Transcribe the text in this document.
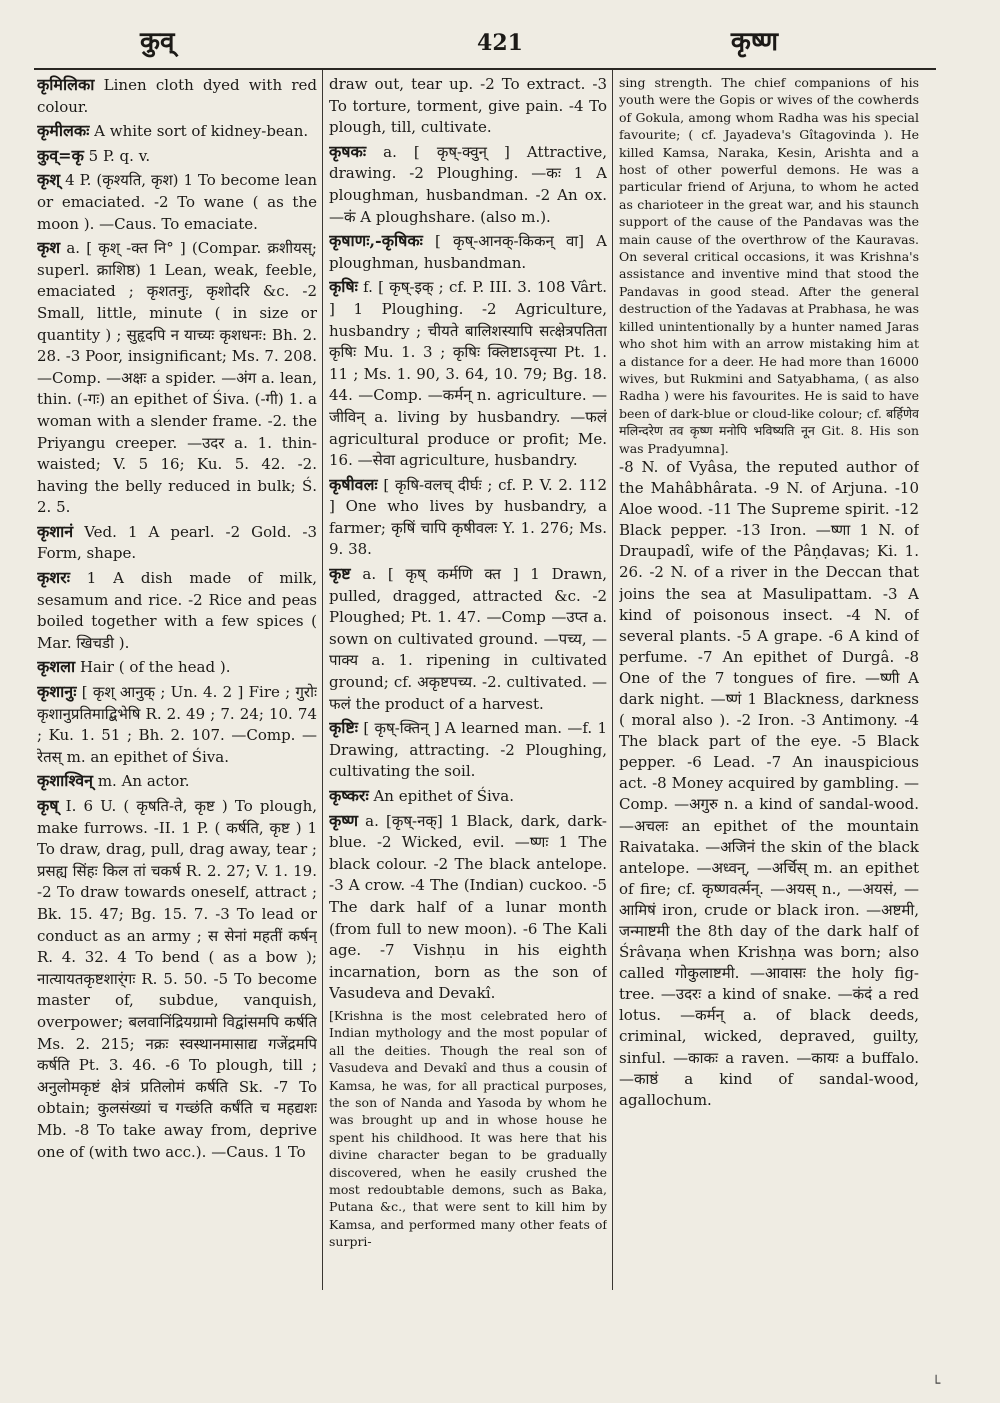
कुव्	421	कृष्ण
कृमिलिका Linen cloth dyed with red colour.
कृमीलकः A white sort of kidney-bean.
कुव्=कृ 5 P. q. v.
कृश् 4 P. (कृश्यति, कृश) 1 To become lean or emaciated. -2 To wane ( as the moon ). —Caus. To emaciate.
कृश a. [ कृश् -क्त नि° ] (Compar. क्रशीयस्; superl. क्राशिष्ठ) 1 Lean, weak, feeble, emaciated ; कृशतनुः, कृशोदरि &c. -2 Small, little, minute ( in size or quantity ) ; सुहृदपि न याच्यः कृशधनः: Bh. 2. 28. -3 Poor, insignificant; Ms. 7. 208. —Comp. —अक्षः a spider. —अंग a. lean, thin. (-गः) an epithet of Śiva. (-गी) 1. a woman with a slender frame. -2. the Priyangu creeper. —उदर a. 1. thin-waisted; V. 5 16; Ku. 5. 42. -2. having the belly reduced in bulk; Ś. 2. 5.
कृशानं Ved. 1 A pearl. -2 Gold. -3 Form, shape.
कृशरः 1 A dish made of milk, sesamum and rice. -2 Rice and peas boiled together with a few spices ( Mar. खिचडी ).
कृशला Hair ( of the head ).
कृशानुः [ कृश् आनुक् ; Un. 4. 2 ] Fire ; गुरोः कृशानुप्रतिमाद्बिभेषि R. 2. 49 ; 7. 24; 10. 74 ; Ku. 1. 51 ; Bh. 2. 107. —Comp. —रेतस् m. an epithet of Śiva.
कृशाश्विन् m. An actor.
कृष् I. 6 U. ( कृषति-ते, कृष्ट ) To plough, make furrows. -II. 1 P. ( कर्षति, कृष्ट ) 1 To draw, drag, pull, drag away, tear ; प्रसह्य सिंहः किल तां चकर्ष R. 2. 27; V. 1. 19. -2 To draw towards oneself, attract ; Bk. 15. 47; Bg. 15. 7. -3 To lead or conduct as an army ; स सेनां महतीं कर्षन् R. 4. 32. 4 To bend ( as a bow ); नात्यायतकृष्टशार्ंगः R. 5. 50. -5 To become master of, subdue, vanquish, overpower; बलवानिंद्रियग्रामो विद्वांसमपि कर्षति Ms. 2. 215; नक्रः स्वस्थानमासाद्य गजेंद्रमपि कर्षति Pt. 3. 46. -6 To plough, till ; अनुलोमकृष्टं क्षेत्रं प्रतिलोमं कर्षति Sk. -7 To obtain; कुलसंख्यां च गच्छंति कर्षंति च महद्यशः Mb. -8 To take away from, deprive one of (with two acc.). —Caus. 1 To
draw out, tear up. -2 To extract. -3 To torture, torment, give pain. -4 To plough, till, cultivate.
कृषकः a. [ कृष्-क्वुन् ] Attractive, drawing. -2 Ploughing. —कः 1 A ploughman, husbandman. -2 An ox. —कं A ploughshare. (also m.).
कृषाणः,-कृषिकः [ कृष्-आनक्-किकन् वा] A ploughman, husbandman.
कृषिः f. [ कृष्-इक् ; cf. P. III. 3. 108 Vârt. ] 1 Ploughing. -2 Agriculture, husbandry ; चीयते बालिशस्यापि सत्क्षेत्रपतिता कृषिः Mu. 1. 3 ; कृषिः क्लिष्टाऽवृत्त्या Pt. 1. 11 ; Ms. 1. 90, 3. 64, 10. 79; Bg. 18. 44. —Comp. —कर्मन् n. agriculture. —जीविन् a. living by husbandry. —फलं agricultural produce or profit; Me. 16. —सेवा agriculture, husbandry.
कृषीवलः [ कृषि-वलच् दीर्घः ; cf. P. V. 2. 112 ] One who lives by husbandry, a farmer; कृषिं चापि कृषीवलः Y. 1. 276; Ms. 9. 38.
कृष्ट a. [ कृष् कर्मणि क्त ] 1 Drawn, pulled, dragged, attracted &c. -2 Ploughed; Pt. 1. 47. —Comp —उप्त a. sown on cultivated ground. —पच्य, —पाक्य a. 1. ripening in cultivated ground; cf. अकृष्टपच्य. -2. cultivated. —फलं the product of a harvest.
कृष्टिः [ कृष्-क्तिन् ] A learned man. —f. 1 Drawing, attracting. -2 Ploughing, cultivating the soil.
कृष्करः An epithet of Śiva.
कृष्ण a. [कृष्-नक्] 1 Black, dark, dark-blue. -2 Wicked, evil. —ष्णः 1 The black colour. -2 The black antelope. -3 A crow. -4 The (Indian) cuckoo. -5 The dark half of a lunar month (from full to new moon). -6 The Kali age. -7 Vishṇu in his eighth incarnation, born as the son of Vasudeva and Devakî.
[Krishna is the most celebrated hero of Indian mythology and the most popular of all the deities. Though the real son of Vasudeva and Devakî and thus a cousin of Kamsa, he was, for all practical purposes, the son of Nanda and Yasoda by whom he was brought up and in whose house he spent his childhood. It was here that his divine character began to be gradually discovered, when he easily crushed the most redoubtable demons, such as Baka, Putana &c., that were sent to kill him by Kamsa, and performed many other feats of surpri-
sing strength. The chief companions of his youth were the Gopis or wives of the cowherds of Gokula, among whom Radha was his special favourite; ( cf. Jayadeva's Gîtagovinda ). He killed Kamsa, Naraka, Kesin, Arishta and a host of other powerful demons. He was a particular friend of Arjuna, to whom he acted as charioteer in the great war, and his staunch support of the cause of the Pandavas was the main cause of the overthrow of the Kauravas. On several critical occasions, it was Krishna's assistance and inventive mind that stood the Pandavas in good stead. After the general destruction of the Yadavas at Prabhasa, he was killed unintentionally by a hunter named Jaras who shot him with an arrow mistaking him at a distance for a deer. He had more than 16000 wives, but Rukmini and Satyabhama, ( as also Radha ) were his favourites. He is said to have been of dark-blue or cloud-like colour; cf. बर्हिणेव मलिन्दरेण तव कृष्ण मनोपि भविष्यति नून Git. 8. His son was Pradyumna].
-8 N. of Vyâsa, the reputed author of the Mahâbhârata. -9 N. of Arjuna. -10 Aloe wood. -11 The Supreme spirit. -12 Black pepper. -13 Iron. —ष्णा 1 N. of Draupadî, wife of the Pâṇḍavas; Ki. 1. 26. -2 N. of a river in the Deccan that joins the sea at Masulipattam. -3 A kind of poisonous insect. -4 N. of several plants. -5 A grape. -6 A kind of perfume. -7 An epithet of Durgâ. -8 One of the 7 tongues of fire. —ष्णी A dark night. —ष्णं 1 Blackness, darkness ( moral also ). -2 Iron. -3 Antimony. -4 The black part of the eye. -5 Black pepper. -6 Lead. -7 An inauspicious act. -8 Money acquired by gambling. —Comp. —अगुरु n. a kind of sandal-wood. —अचलः an epithet of the mountain Raivataka. —अजिनं the skin of the black antelope. —अध्वन्, —अर्चिस् m. an epithet of fire; cf. कृष्णवर्त्मन्. —अयस् n., —अयसं, —आमिषं iron, crude or black iron. —अष्टमी, जन्माष्टमी the 8th day of the dark half of Śrâvaṇa when Krishṇa was born; also called गोकुलाष्टमी. —आवासः the holy fig-tree. —उदरः a kind of snake. —कंदं a red lotus. —कर्मन् a. of black deeds, criminal, wicked, depraved, guilty, sinful. —काकः a raven. —कायः a buffalo. —काष्ठं a kind of sandal-wood, agallochum.
└
